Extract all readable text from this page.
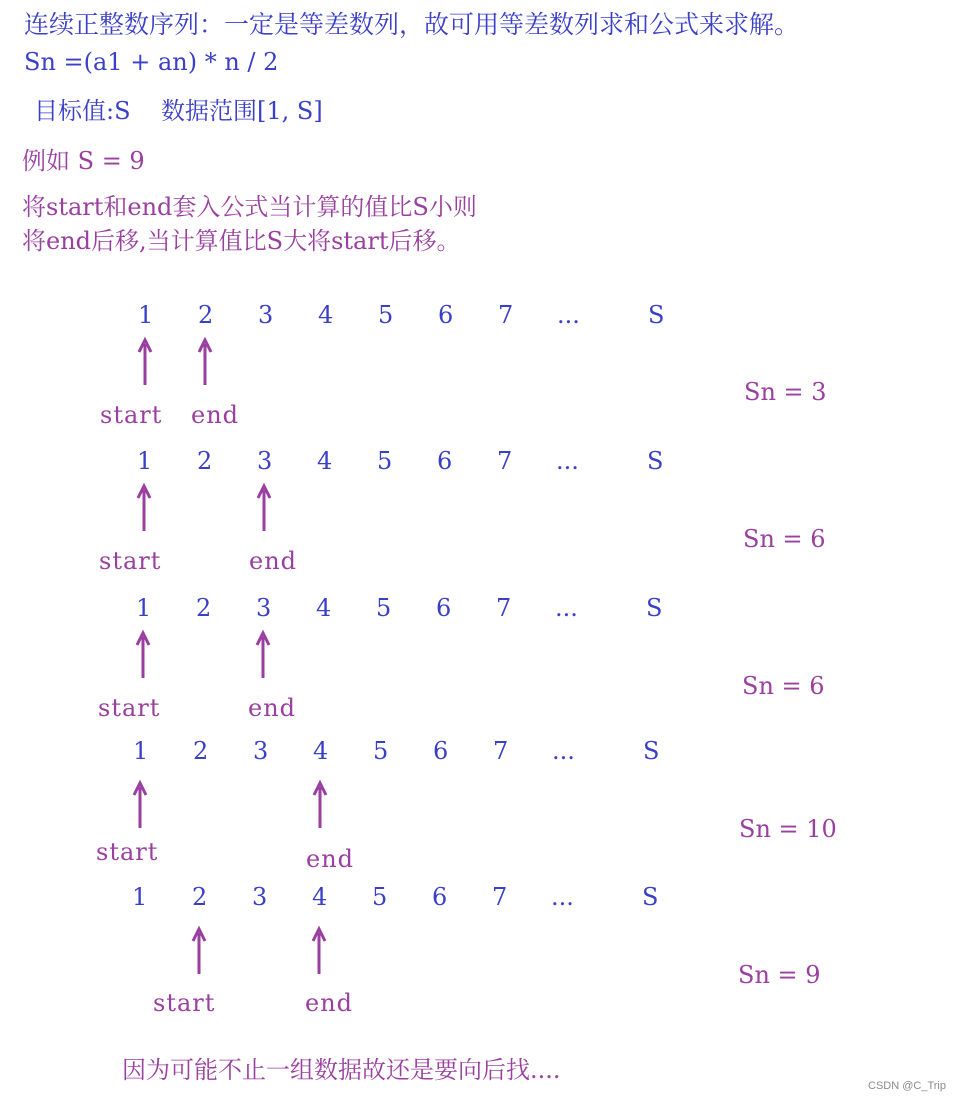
连续正整数序列：一定是等差数列，故可用等差数列求和公式来求解。
Sn =(a1 + an) * n / 2
目标值:S    数据范围[1, S]
例如 S = 9
将start和end套入公式当计算的值比S小则
将end后移,当计算值比S大将start后移。
1 2 3 4 5 6 7 ...	S
start end
Sn = 3
1 2 3 4 5 6 7 ...	S
start	end
Sn = 6
1 2 3 4 5 6 7 ...	S
start	end
Sn = 6
1 2 3 4 5 6 7 ...	S
start	end
Sn = 10
1 2 3 4 5 6 7 ...	S
start	end
Sn = 9
因为可能不止一组数据故还是要向后找....
CSDN @C_Trip
